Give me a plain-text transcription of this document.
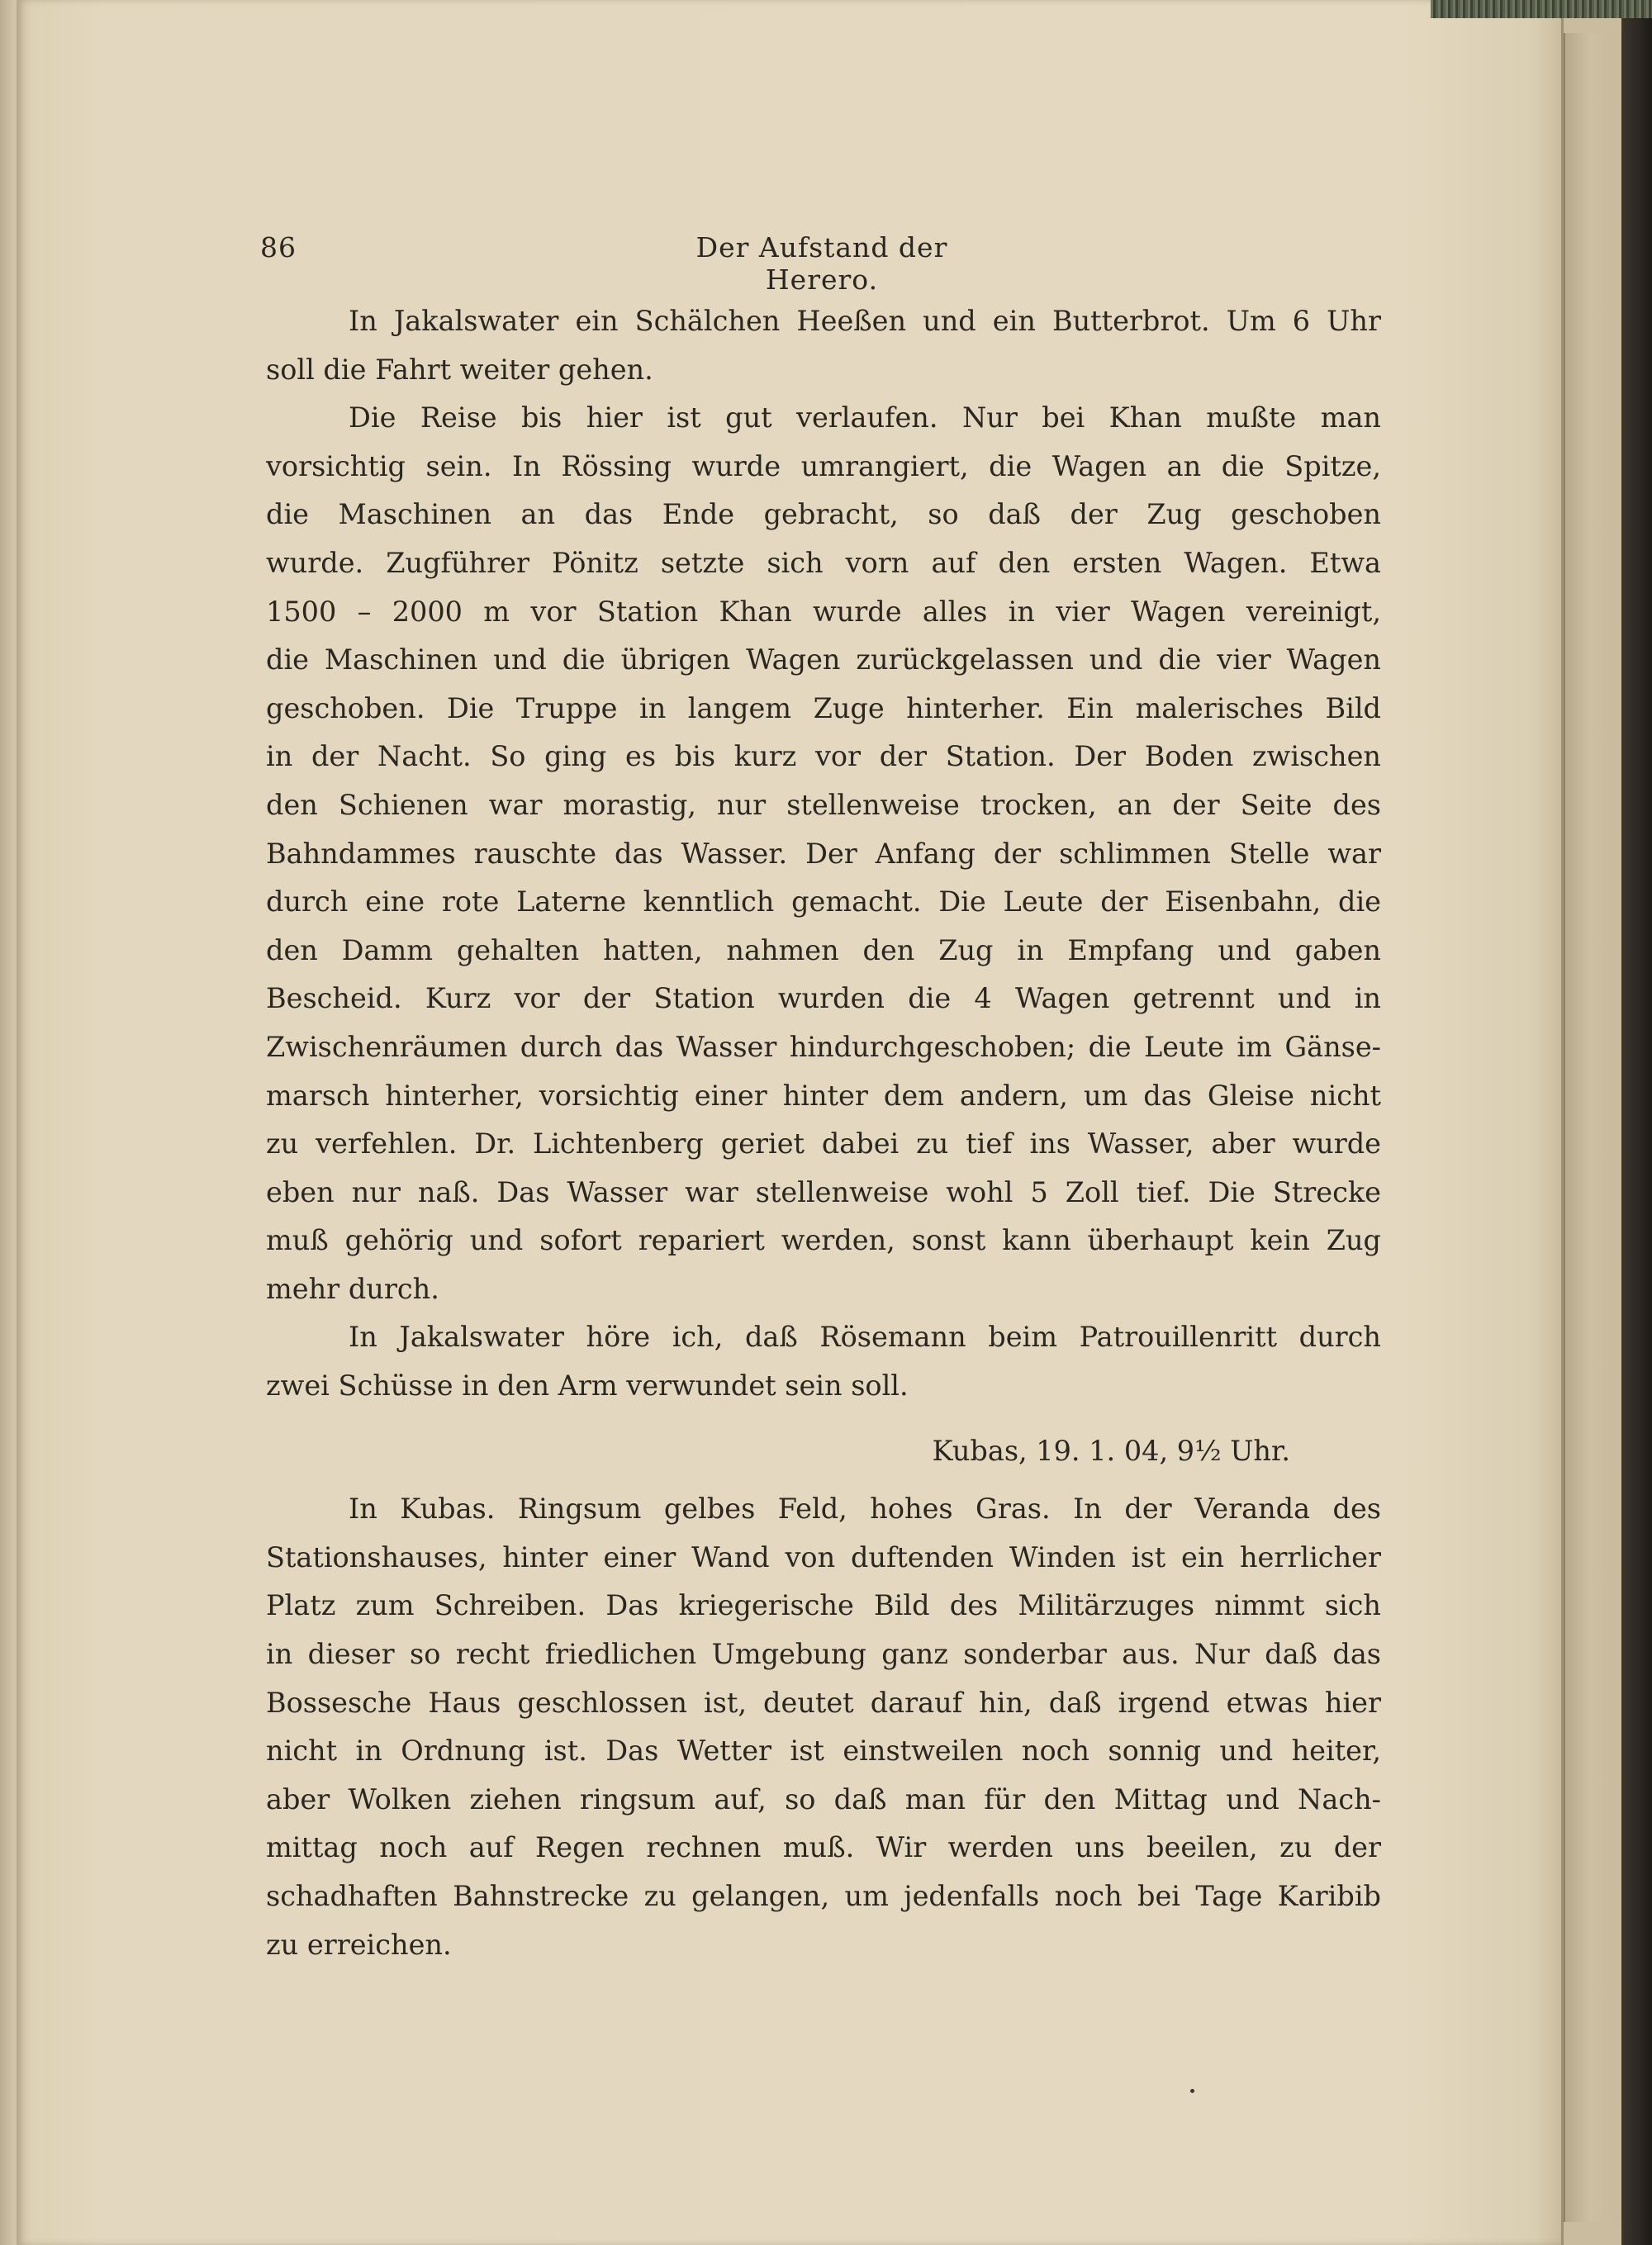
86	Der Aufstand der Herero.
In Jakalswater ein Schälchen Heeßen und ein Butterbrot. Um 6 Uhr
soll die Fahrt weiter gehen.
Die Reise bis hier ist gut verlaufen. Nur bei Khan mußte man
vorsichtig sein. In Rössing wurde umrangiert, die Wagen an die Spitze,
die Maschinen an das Ende gebracht, so daß der Zug geschoben
wurde. Zugführer Pönitz setzte sich vorn auf den ersten Wagen. Etwa
1500 – 2000 m vor Station Khan wurde alles in vier Wagen vereinigt,
die Maschinen und die übrigen Wagen zurückgelassen und die vier Wagen
geschoben. Die Truppe in langem Zuge hinterher. Ein malerisches Bild
in der Nacht. So ging es bis kurz vor der Station. Der Boden zwischen
den Schienen war morastig, nur stellenweise trocken, an der Seite des
Bahndammes rauschte das Wasser. Der Anfang der schlimmen Stelle war
durch eine rote Laterne kenntlich gemacht. Die Leute der Eisenbahn, die
den Damm gehalten hatten, nahmen den Zug in Empfang und gaben
Bescheid. Kurz vor der Station wurden die 4 Wagen getrennt und in
Zwischenräumen durch das Wasser hindurchgeschoben; die Leute im Gänse-
marsch hinterher, vorsichtig einer hinter dem andern, um das Gleise nicht
zu verfehlen. Dr. Lichtenberg geriet dabei zu tief ins Wasser, aber wurde
eben nur naß. Das Wasser war stellenweise wohl 5 Zoll tief. Die Strecke
muß gehörig und sofort repariert werden, sonst kann überhaupt kein Zug
mehr durch.
In Jakalswater höre ich, daß Rösemann beim Patrouillenritt durch
zwei Schüsse in den Arm verwundet sein soll.
Kubas, 19. 1. 04, 9½ Uhr.
In Kubas. Ringsum gelbes Feld, hohes Gras. In der Veranda des
Stationshauses, hinter einer Wand von duftenden Winden ist ein herrlicher
Platz zum Schreiben. Das kriegerische Bild des Militärzuges nimmt sich
in dieser so recht friedlichen Umgebung ganz sonderbar aus. Nur daß das
Bossesche Haus geschlossen ist, deutet darauf hin, daß irgend etwas hier
nicht in Ordnung ist. Das Wetter ist einstweilen noch sonnig und heiter,
aber Wolken ziehen ringsum auf, so daß man für den Mittag und Nach-
mittag noch auf Regen rechnen muß. Wir werden uns beeilen, zu der
schadhaften Bahnstrecke zu gelangen, um jedenfalls noch bei Tage Karibib
zu erreichen.
